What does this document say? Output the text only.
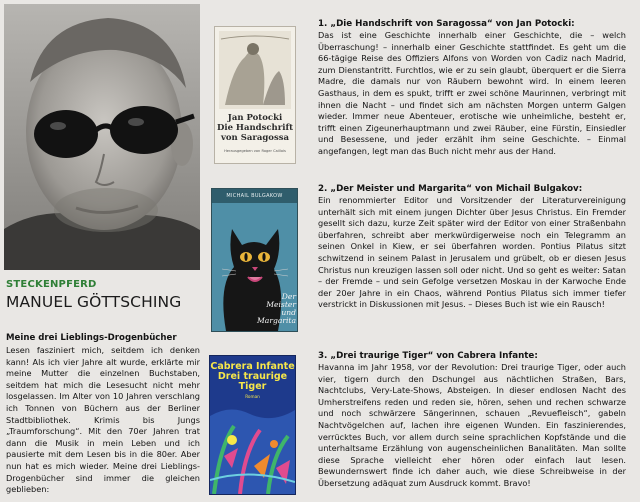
STECKENPFERD
MANUEL GÖTTSCHING
Meine drei Lieblings-Drogenbücher
Lesen fasziniert mich, seitdem ich denken kann! Als ich vier Jahre alt wurde, erklärte mir meine Mutter die einzelnen Buchstaben, seitdem hat mich die Lesesucht nicht mehr losgelassen. Im Alter von 10 Jahren verschlang ich Tonnen von Büchern aus der Berliner Stadtbibliothek. Krimis bis Jungs „Traumforschung“. Mit den 70er Jahren trat dann die Musik in mein Leben und ich pausierte mit dem Lesen bis in die 80er. Aber nun hat es mich wieder. Meine drei Lieblings-Drogenbücher sind immer die gleichen geblieben:
Jan Potocki
Die Handschrift
von Saragossa
Herausgegeben von Roger Caillois
MICHAIL BULGAKOW
Der
Meister und
Margarita
Cabrera Infante
Drei traurige
Tiger
Roman
1. „Die Handschrift von Saragossa“ von Jan Potocki:
Das ist eine Geschichte innerhalb einer Geschichte, die – welch Überraschung! – innerhalb einer Geschichte stattfindet. Es geht um die 66-tägige Reise des Offiziers Alfons von Worden von Cadiz nach Madrid, zum Dienstantritt. Furchtlos, wie er zu sein glaubt, überquert er die Sierra Madre, die damals nur von Räubern bewohnt wird. In einem leeren Gasthaus, in dem es spukt, trifft er zwei schöne Maurinnen, verbringt mit ihnen die Nacht – und findet sich am nächsten Morgen unterm Galgen wieder. Immer neue Abenteuer, erotische wie unheimliche, besteht er, trifft einen Zigeunerhauptmann und zwei Räuber, eine Fürstin, Einsiedler und Besessene, und jeder erzählt ihm seine Geschichte. – Einmal angefangen, legt man das Buch nicht mehr aus der Hand.
2. „Der Meister und Margarita“ von Michail Bulgakov:
Ein renommierter Editor und Vorsitzender der Literaturvereinigung unterhält sich mit einem jungen Dichter über Jesus Christus. Ein Fremder gesellt sich dazu, kurze Zeit später wird der Editor von einer Straßenbahn überfahren, schreibt aber merkwürdigerweise noch ein Telegramm an seinen Onkel in Kiew, er sei überfahren worden. Pontius Pilatus sitzt schwitzend in seinem Palast in Jerusalem und grübelt, ob er diesen Jesus Christus nun kreuzigen lassen soll oder nicht. Und so geht es weiter: Satan – der Fremde – und sein Gefolge versetzen Moskau in der Karwoche Ende der 20er Jahre in ein Chaos, während Pontius Pilatus sich immer tiefer verstrickt in Diskussionen mit Jesus. – Dieses Buch ist wie ein Rausch!
3. „Drei traurige Tiger“ von Cabrera Infante:
Havanna im Jahr 1958, vor der Revolution: Drei traurige Tiger, oder auch vier, tigern durch den Dschungel aus nächtlichen Straßen, Bars, Nachtclubs, Very-Late-Shows, Absteigen. In dieser endlosen Nacht des Umherstreifens reden und reden sie, hören, sehen und rechen schwarze und noch schwärzere Sängerinnen, schauen „Revuefleisch“, gabeln Nachtvögelchen auf, lachen ihre eigenen Wunden. Ein faszinierendes, verrücktes Buch, vor allem durch seine sprachlichen Kopfstände und die unterhaltsame Erzählung von augenscheinlichen Banalitäten. Man sollte diese Sprache vielleicht eher hören oder einfach laut lesen. Bewundernswert finde ich daher auch, wie diese Schreibweise in der Übersetzung adäquat zum Ausdruck kommt. Bravo!
